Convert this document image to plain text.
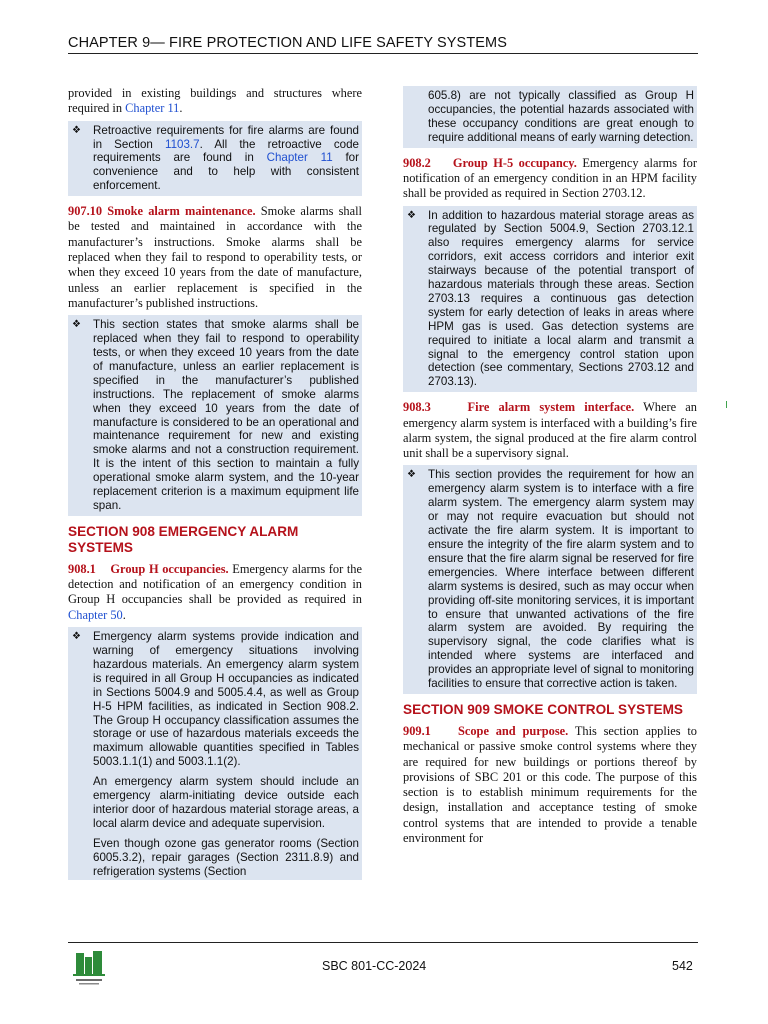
CHAPTER 9— FIRE PROTECTION AND LIFE SAFETY SYSTEMS

provided in existing buildings and structures where required in Chapter 11.

❖ Retroactive requirements for fire alarms are found in Section 1103.7. All the retroactive code requirements are found in Chapter 11 for convenience and to help with consistent enforcement.

907.10 Smoke alarm maintenance. Smoke alarms shall be tested and maintained in accordance with the manufacturer’s instructions. Smoke alarms shall be replaced when they fail to respond to operability tests, or when they exceed 10 years from the date of manufacture, unless an earlier replacement is specified in the manufacturer’s published instructions.

❖ This section states that smoke alarms shall be replaced when they fail to respond to operability tests, or when they exceed 10 years from the date of manufacture, unless an earlier replacement is specified in the manufacturer’s published instructions. The replacement of smoke alarms when they exceed 10 years from the date of manufacture is considered to be an operational and maintenance requirement for new and existing smoke alarms and not a construction requirement. It is the intent of this section to maintain a fully operational smoke alarm system, and the 10-year replacement criterion is a maximum equipment life span.

SECTION 908 EMERGENCY ALARM SYSTEMS

908.1    Group H occupancies. Emergency alarms for the detection and notification of an emergency condition in Group H occupancies shall be provided as required in Chapter 50.

❖ Emergency alarm systems provide indication and warning of emergency situations involving hazardous materials. An emergency alarm system is required in all Group H occupancies as indicated in Sections 5004.9 and 5005.4.4, as well as Group H-5 HPM facilities, as indicated in Section 908.2. The Group H occupancy classification assumes the storage or use of hazardous materials exceeds the maximum allowable quantities specified in Tables 5003.1.1(1) and 5003.1.1(2).

An emergency alarm system should include an emergency alarm-initiating device outside each interior door of hazardous material storage areas, a local alarm device and adequate supervision.

Even though ozone gas generator rooms (Section 6005.3.2), repair garages (Section 2311.8.9) and refrigeration systems (Section

605.8) are not typically classified as Group H occupancies, the potential hazards associated with these occupancy conditions are great enough to require additional means of early warning detection.

908.2    Group H-5 occupancy. Emergency alarms for notification of an emergency condition in an HPM facility shall be provided as required in Section 2703.12.

❖ In addition to hazardous material storage areas as regulated by Section 5004.9, Section 2703.12.1 also requires emergency alarms for service corridors, exit access corridors and interior exit stairways because of the potential transport of hazardous materials through these areas. Section 2703.13 requires a continuous gas detection system for early detection of leaks in areas where HPM gas is used. Gas detection systems are required to initiate a local alarm and transmit a signal to the emergency control station upon detection (see commentary, Sections 2703.12 and 2703.13).

908.3    Fire alarm system interface. Where an emergency alarm system is interfaced with a building’s fire alarm system, the signal produced at the fire alarm control unit shall be a supervisory signal.

❖ This section provides the requirement for how an emergency alarm system is to interface with a fire alarm system. The emergency alarm system may or may not require evacuation but should not activate the fire alarm system. It is important to ensure the integrity of the fire alarm system and to ensure that the fire alarm signal be reserved for fire emergencies. Where interface between different alarm systems is desired, such as may occur when providing off-site monitoring services, it is important to ensure that unwanted activations of the fire alarm system are avoided. By requiring the supervisory signal, the code clarifies what is intended where systems are interfaced and provides an appropriate level of signal to monitoring facilities to ensure that corrective action is taken.

SECTION 909 SMOKE CONTROL SYSTEMS

909.1    Scope and purpose. This section applies to mechanical or passive smoke control systems where they are required for new buildings or portions thereof by provisions of SBC 201 or this code. The purpose of this section is to establish minimum requirements for the design, installation and acceptance testing of smoke control systems that are intended to provide a tenable environment for

SBC 801-CC-2024	542
